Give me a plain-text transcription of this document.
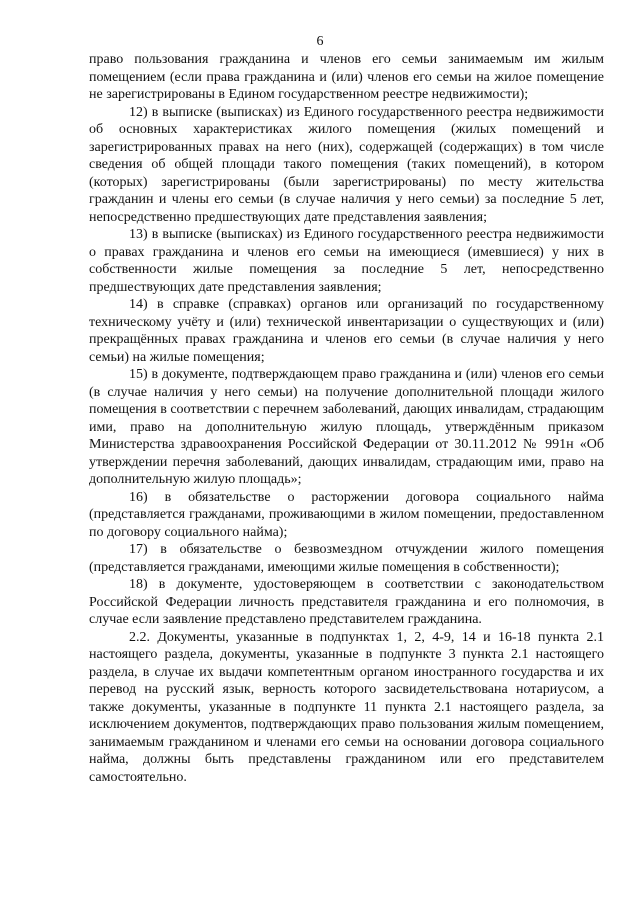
6

право пользования гражданина и членов его семьи занимаемым им жилым помещением (если права гражданина и (или) членов его семьи на жилое помещение не зарегистрированы в Едином государственном реестре недвижимости);

12) в выписке (выписках) из Единого государственного реестра недвижимости об основных характеристиках жилого помещения (жилых помещений и зарегистрированных правах на него (них), содержащей (содержащих) в том числе сведения об общей площади такого помещения (таких помещений), в котором (которых) зарегистрированы (были зарегистрированы) по месту жительства гражданин и члены его семьи (в случае наличия у него семьи) за последние 5 лет, непосредственно предшествующих дате представления заявления;

13) в выписке (выписках) из Единого государственного реестра недвижимости о правах гражданина и членов его семьи на имеющиеся (имевшиеся) у них в собственности жилые помещения за последние 5 лет, непосредственно предшествующих дате представления заявления;

14) в справке (справках) органов или организаций по государственному техническому учёту и (или) технической инвентаризации о существующих и (или) прекращённых правах гражданина и членов его семьи (в случае наличия у него семьи) на жилые помещения;

15) в документе, подтверждающем право гражданина и (или) членов его семьи (в случае наличия у него семьи) на получение дополнительной площади жилого помещения в соответствии с перечнем заболеваний, дающих инвалидам, страдающим ими, право на дополнительную жилую площадь, утверждённым приказом Министерства здравоохранения Российской Федерации от 30.11.2012 № 991н «Об утверждении перечня заболеваний, дающих инвалидам, страдающим ими, право на дополнительную жилую площадь»;

16) в обязательстве о расторжении договора социального найма (представляется гражданами, проживающими в жилом помещении, предоставленном по договору социального найма);

17) в обязательстве о безвозмездном отчуждении жилого помещения (представляется гражданами, имеющими жилые помещения в собственности);

18) в документе, удостоверяющем в соответствии с законодательством Российской Федерации личность представителя гражданина и его полномочия, в случае если заявление представлено представителем гражданина.

2.2. Документы, указанные в подпунктах 1, 2, 4-9, 14 и 16-18 пункта 2.1 настоящего раздела, документы, указанные в подпункте 3 пункта 2.1 настоящего раздела, в случае их выдачи компетентным органом иностранного государства и их перевод на русский язык, верность которого засвидетельствована нотариусом, а также документы, указанные в подпункте 11 пункта 2.1 настоящего раздела, за исключением документов, подтверждающих право пользования жилым помещением, занимаемым гражданином и членами его семьи на основании договора социального найма, должны быть представлены гражданином или его представителем самостоятельно.
